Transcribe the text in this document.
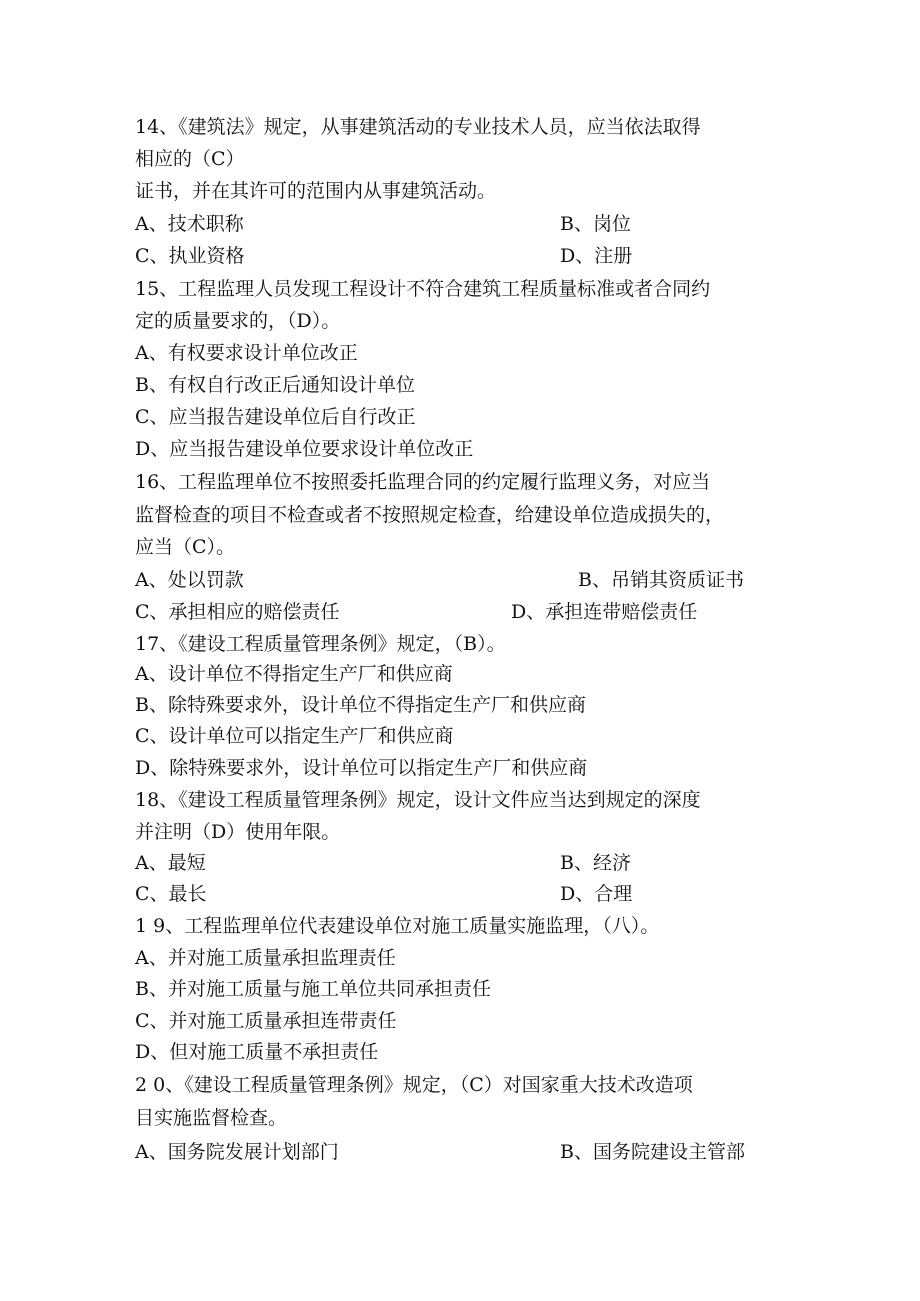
14、《建筑法》规定，从事建筑活动的专业技术人员，应当依法取得
相应的（C）
证书，并在其许可的范围内从事建筑活动。
A、技术职称	B、岗位
C、执业资格	D、注册
15、工程监理人员发现工程设计不符合建筑工程质量标准或者合同约
定的质量要求的，（D）。
A、有权要求设计单位改正
B、有权自行改正后通知设计单位
C、应当报告建设单位后自行改正
D、应当报告建设单位要求设计单位改正
16、工程监理单位不按照委托监理合同的约定履行监理义务，对应当
监督检查的项目不检查或者不按照规定检查，给建设单位造成损失的，
应当（C）。
A、处以罚款	B、吊销其资质证书
C、承担相应的赔偿责任	D、承担连带赔偿责任
17、《建设工程质量管理条例》规定，（B）。
A、设计单位不得指定生产厂和供应商
B、除特殊要求外，设计单位不得指定生产厂和供应商
C、设计单位可以指定生产厂和供应商
D、除特殊要求外，设计单位可以指定生产厂和供应商
18、《建设工程质量管理条例》规定，设计文件应当达到规定的深度
并注明（D）使用年限。
A、最短	B、经济
C、最长	D、合理
1 9、工程监理单位代表建设单位对施工质量实施监理，（八）。
A、并对施工质量承担监理责任
B、并对施工质量与施工单位共同承担责任
C、并对施工质量承担连带责任
D、但对施工质量不承担责任
2 0、《建设工程质量管理条例》规定，（C）对国家重大技术改造项
目实施监督检查。
A、国务院发展计划部门	B、国务院建设主管部
